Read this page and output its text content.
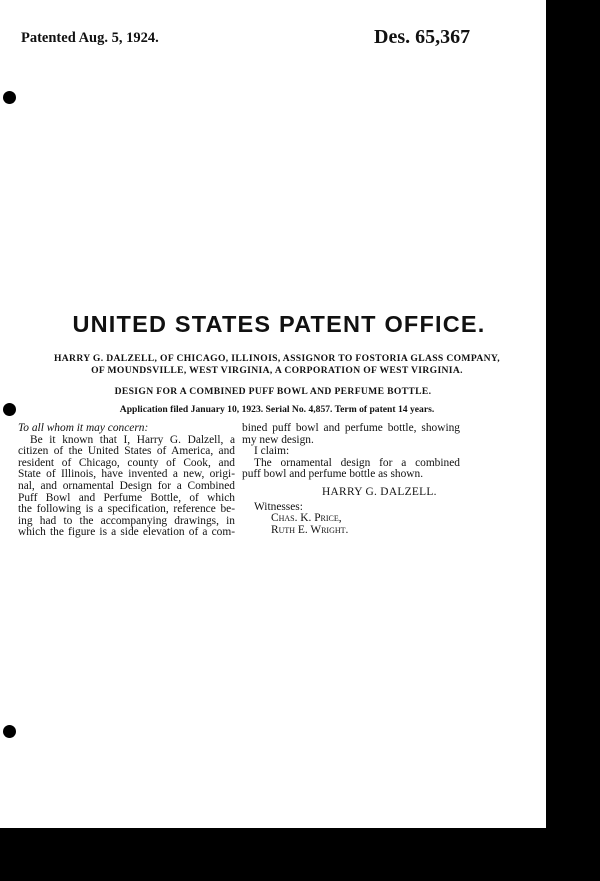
Patented Aug. 5, 1924.	Des. 65,367
UNITED STATES PATENT OFFICE.
HARRY G. DALZELL, OF CHICAGO, ILLINOIS, ASSIGNOR TO FOSTORIA GLASS COMPANY,
OF MOUNDSVILLE, WEST VIRGINIA, A CORPORATION OF WEST VIRGINIA.
DESIGN FOR A COMBINED PUFF BOWL AND PERFUME BOTTLE.
Application filed January 10, 1923. Serial No. 4,857. Term of patent 14 years.

To all whom it may concern:

Be it known that I, Harry G. Dalzell, a

citizen of the United States of America, and

resident of Chicago, county of Cook, and

State of Illinois, have invented a new, origi-

nal, and ornamental Design for a Combined

Puff Bowl and Perfume Bottle, of which

the following is a specification, reference be-

ing had to the accompanying drawings, in

which the figure is a side elevation of a com-

bined puff bowl and perfume bottle, showing

my new design.

I claim:

The ornamental design for a combined

puff bowl and perfume bottle as shown.

HARRY G. DALZELL.

Witnesses:

Chas. K. Price,

Ruth E. Wright.
